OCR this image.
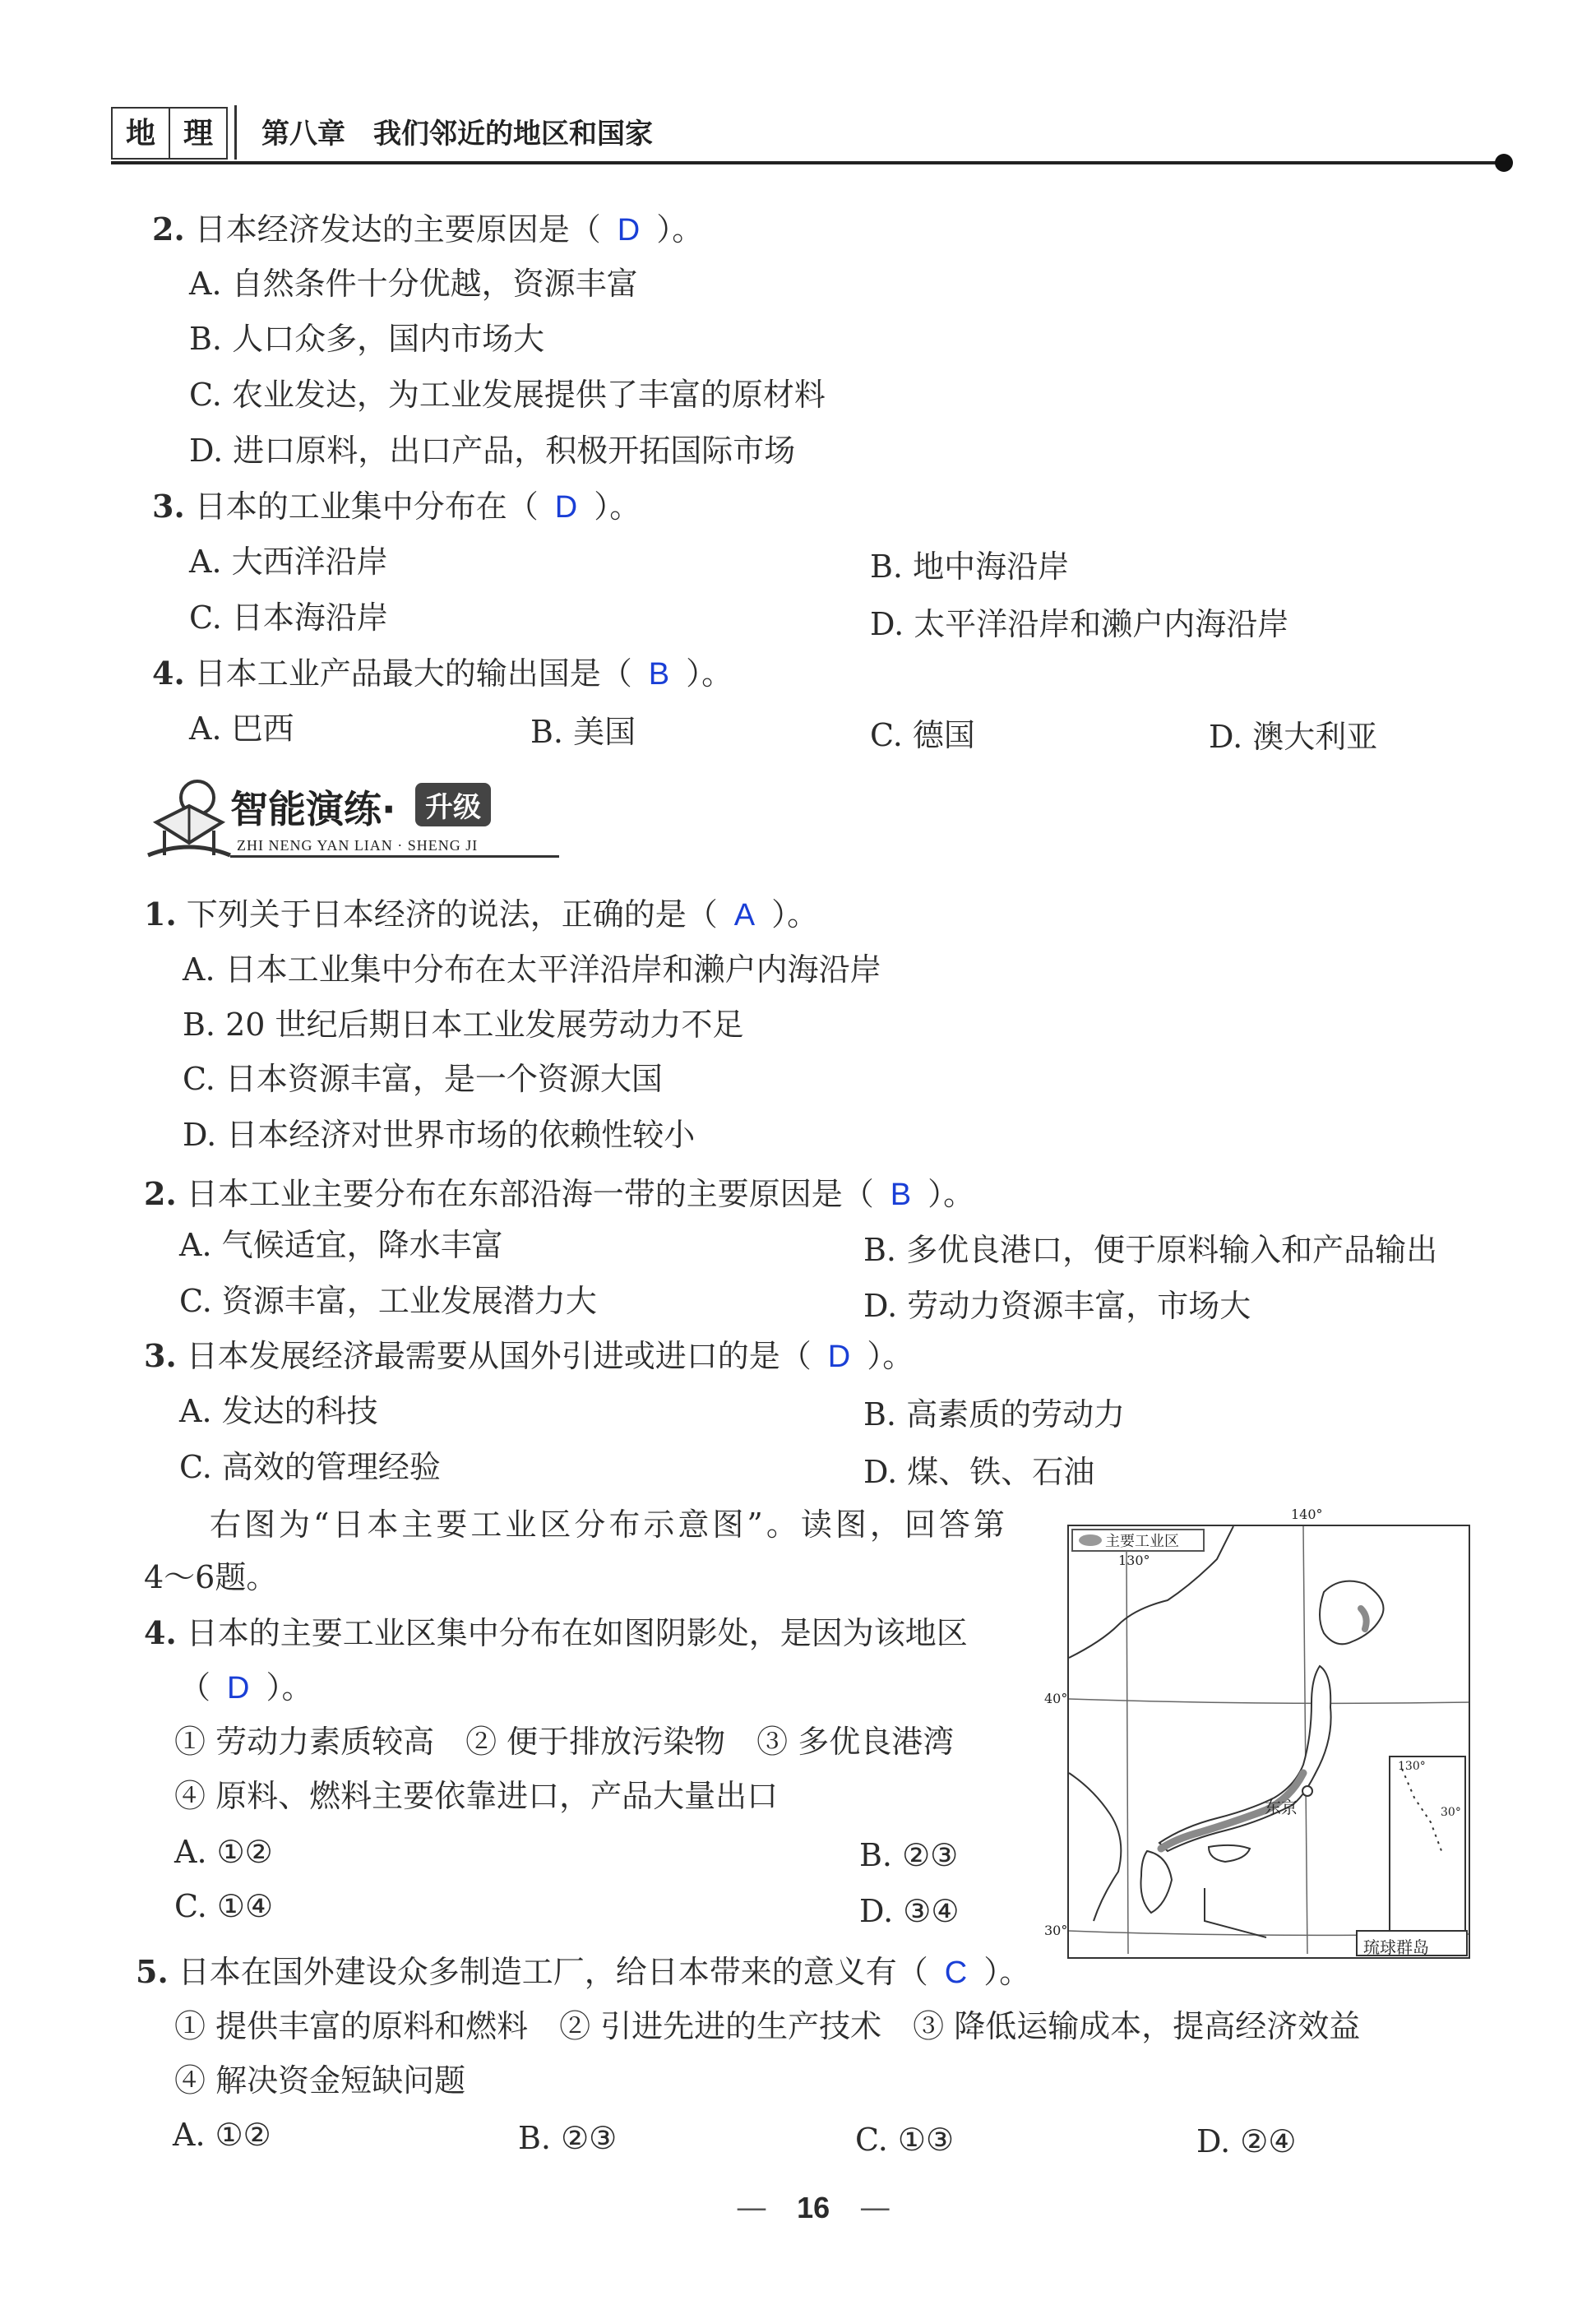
地 理	第八章　我们邻近的地区和国家
2. 日本经济发达的主要原因是（ D ）。
A. 自然条件十分优越，资源丰富
B. 人口众多，国内市场大
C. 农业发达，为工业发展提供了丰富的原材料
D. 进口原料，出口产品，积极开拓国际市场
3. 日本的工业集中分布在（ D ）。
A. 大西洋沿岸	B. 地中海沿岸
C. 日本海沿岸	D. 太平洋沿岸和濑户内海沿岸
4. 日本工业产品最大的输出国是（ B ）。
A. 巴西	B. 美国	C. 德国	D. 澳大利亚
智能演练·	升级
ZHI NENG YAN LIAN · SHENG JI
1. 下列关于日本经济的说法，正确的是（ A ）。
A. 日本工业集中分布在太平洋沿岸和濑户内海沿岸
B. 20 世纪后期日本工业发展劳动力不足
C. 日本资源丰富，是一个资源大国
D. 日本经济对世界市场的依赖性较小
2. 日本工业主要分布在东部沿海一带的主要原因是（ B ）。
A. 气候适宜，降水丰富	B. 多优良港口，便于原料输入和产品输出
C. 资源丰富，工业发展潜力大	D. 劳动力资源丰富，市场大
3. 日本发展经济最需要从国外引进或进口的是（ D ）。
A. 发达的科技	B. 高素质的劳动力
C. 高效的管理经验	D. 煤、铁、石油
右图为“日本主要工业区分布示意图”。读图，回答第
4～6题。
4. 日本的主要工业区集中分布在如图阴影处，是因为该地区
（ D ）。
① 劳动力素质较高　② 便于排放污染物　③ 多优良港湾
④ 原料、燃料主要依靠进口，产品大量出口
A. ①②	B. ②③
C. ①④	D. ③④
5. 日本在国外建设众多制造工厂，给日本带来的意义有（ C ）。
① 提供丰富的原料和燃料　② 引进先进的生产技术　③ 降低运输成本，提高经济效益
④ 解决资金短缺问题
A. ①②	B. ②③	C. ①③	D. ②④
主要工业区
140°
130°
40°
30°
130°
30°
东京
琉球群岛
— 16 —
